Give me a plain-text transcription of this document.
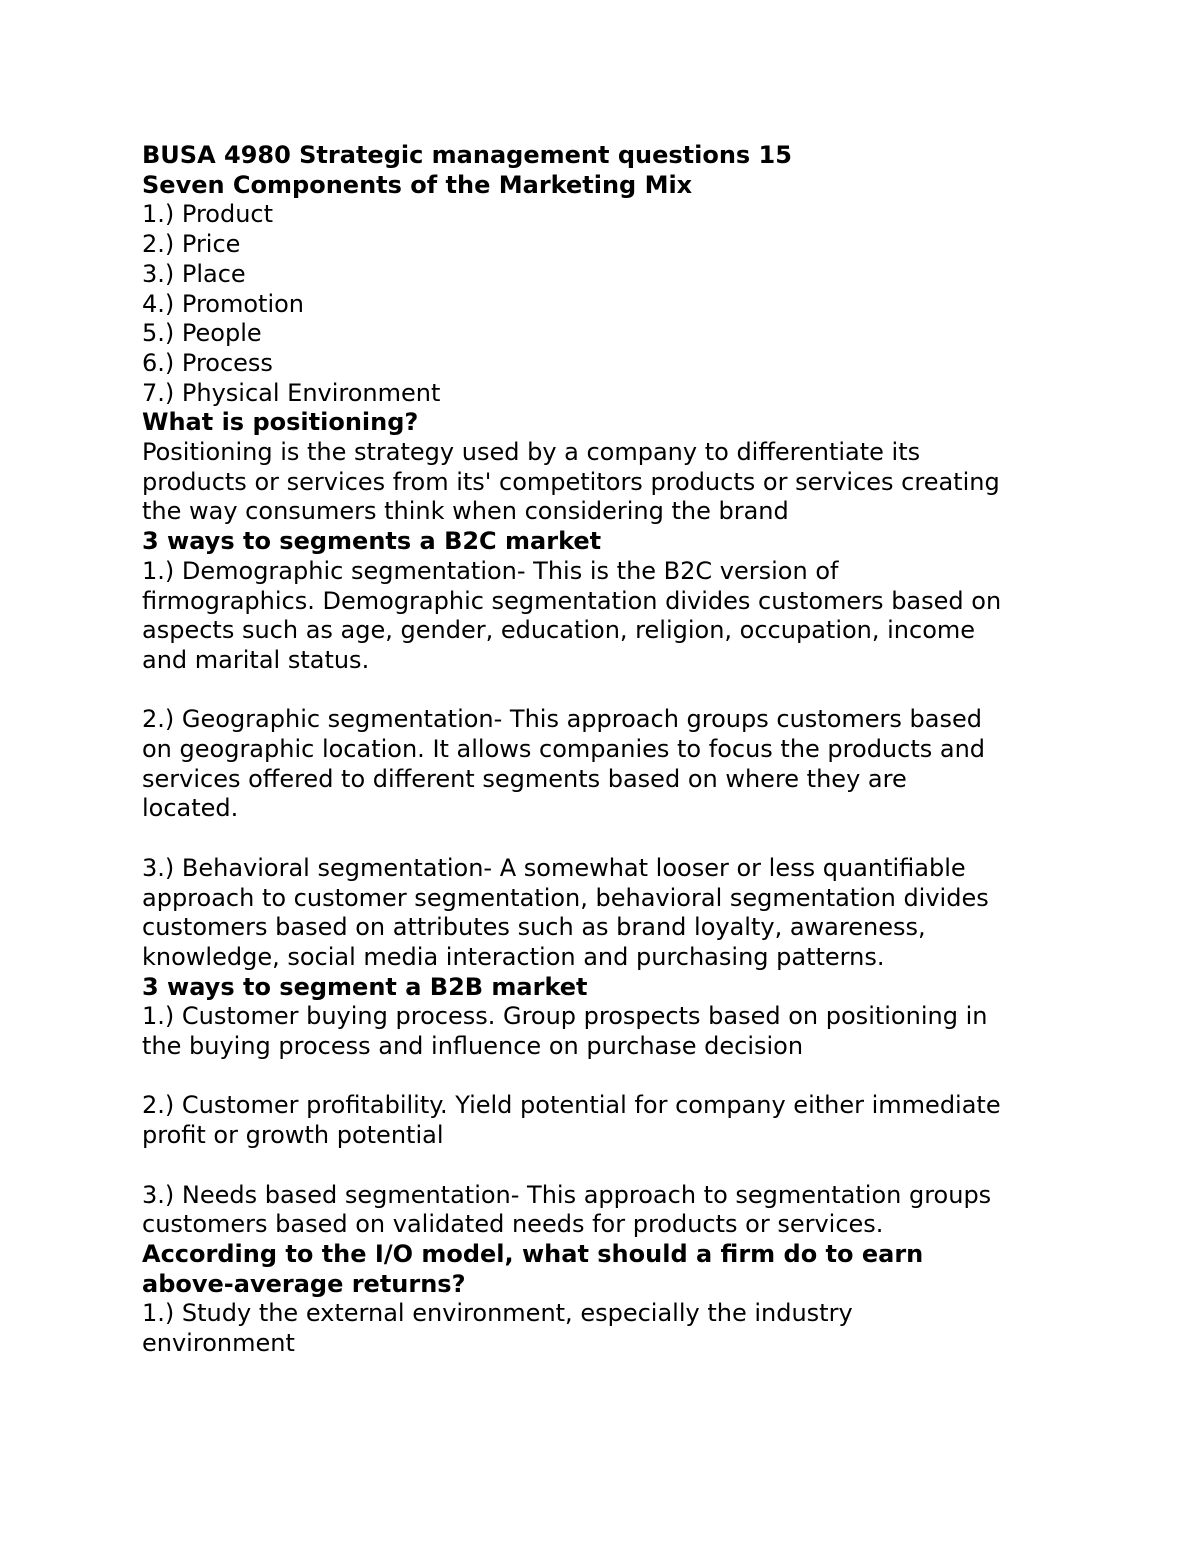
BUSA 4980 Strategic management questions 15
Seven Components of the Marketing Mix
1.) Product
2.) Price
3.) Place
4.) Promotion
5.) People
6.) Process
7.) Physical Environment
What is positioning?
Positioning is the strategy used by a company to differentiate its
products or services from its' competitors products or services creating
the way consumers think when considering the brand
3 ways to segments a B2C market
1.) Demographic segmentation- This is the B2C version of
firmographics. Demographic segmentation divides customers based on
aspects such as age, gender, education, religion, occupation, income
and marital status.
2.) Geographic segmentation- This approach groups customers based
on geographic location. It allows companies to focus the products and
services offered to different segments based on where they are
located.
3.) Behavioral segmentation- A somewhat looser or less quantifiable
approach to customer segmentation, behavioral segmentation divides
customers based on attributes such as brand loyalty, awareness,
knowledge, social media interaction and purchasing patterns.
3 ways to segment a B2B market
1.) Customer buying process. Group prospects based on positioning in
the buying process and influence on purchase decision
2.) Customer profitability. Yield potential for company either immediate
profit or growth potential
3.) Needs based segmentation- This approach to segmentation groups
customers based on validated needs for products or services.
According to the I/O model, what should a firm do to earn
above-average returns?
1.) Study the external environment, especially the industry
environment
